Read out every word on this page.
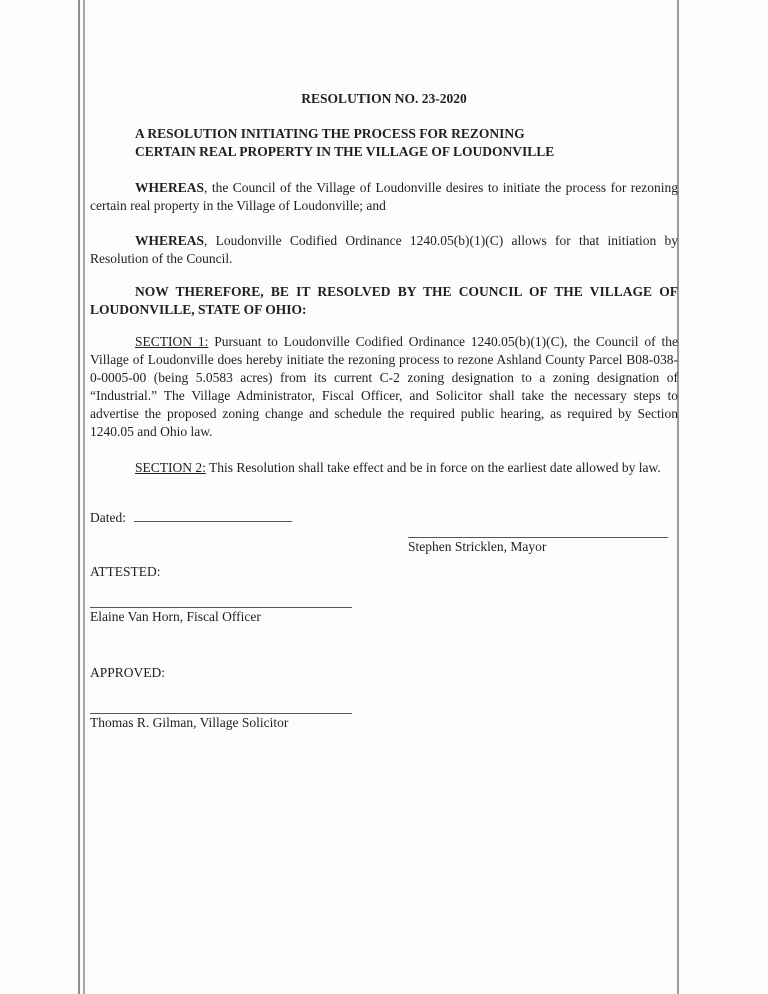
RESOLUTION NO. 23-2020
A RESOLUTION INITIATING THE PROCESS FOR REZONING
CERTAIN REAL PROPERTY IN THE VILLAGE OF LOUDONVILLE

WHEREAS, the Council of the Village of Loudonville desires to initiate the process for rezoning certain real property in the Village of Loudonville; and

WHEREAS, Loudonville Codified Ordinance 1240.05(b)(1)(C) allows for that initiation by Resolution of the Council.

NOW THEREFORE, BE IT RESOLVED BY THE COUNCIL OF THE VILLAGE OF LOUDONVILLE, STATE OF OHIO:

SECTION 1: Pursuant to Loudonville Codified Ordinance 1240.05(b)(1)(C), the Council of the Village of Loudonville does hereby initiate the rezoning process to rezone Ashland County Parcel B08-038-0-0005-00 (being 5.0583 acres) from its current C-2 zoning designation to a zoning designation of “Industrial.” The Village Administrator, Fiscal Officer, and Solicitor shall take the necessary steps to advertise the proposed zoning change and schedule the required public hearing, as required by Section 1240.05 and Ohio law.

SECTION 2: This Resolution shall take effect and be in force on the earliest date allowed by law.

Dated:
Stephen Stricklen, Mayor
ATTESTED:
Elaine Van Horn, Fiscal Officer
APPROVED:
Thomas R. Gilman, Village Solicitor
